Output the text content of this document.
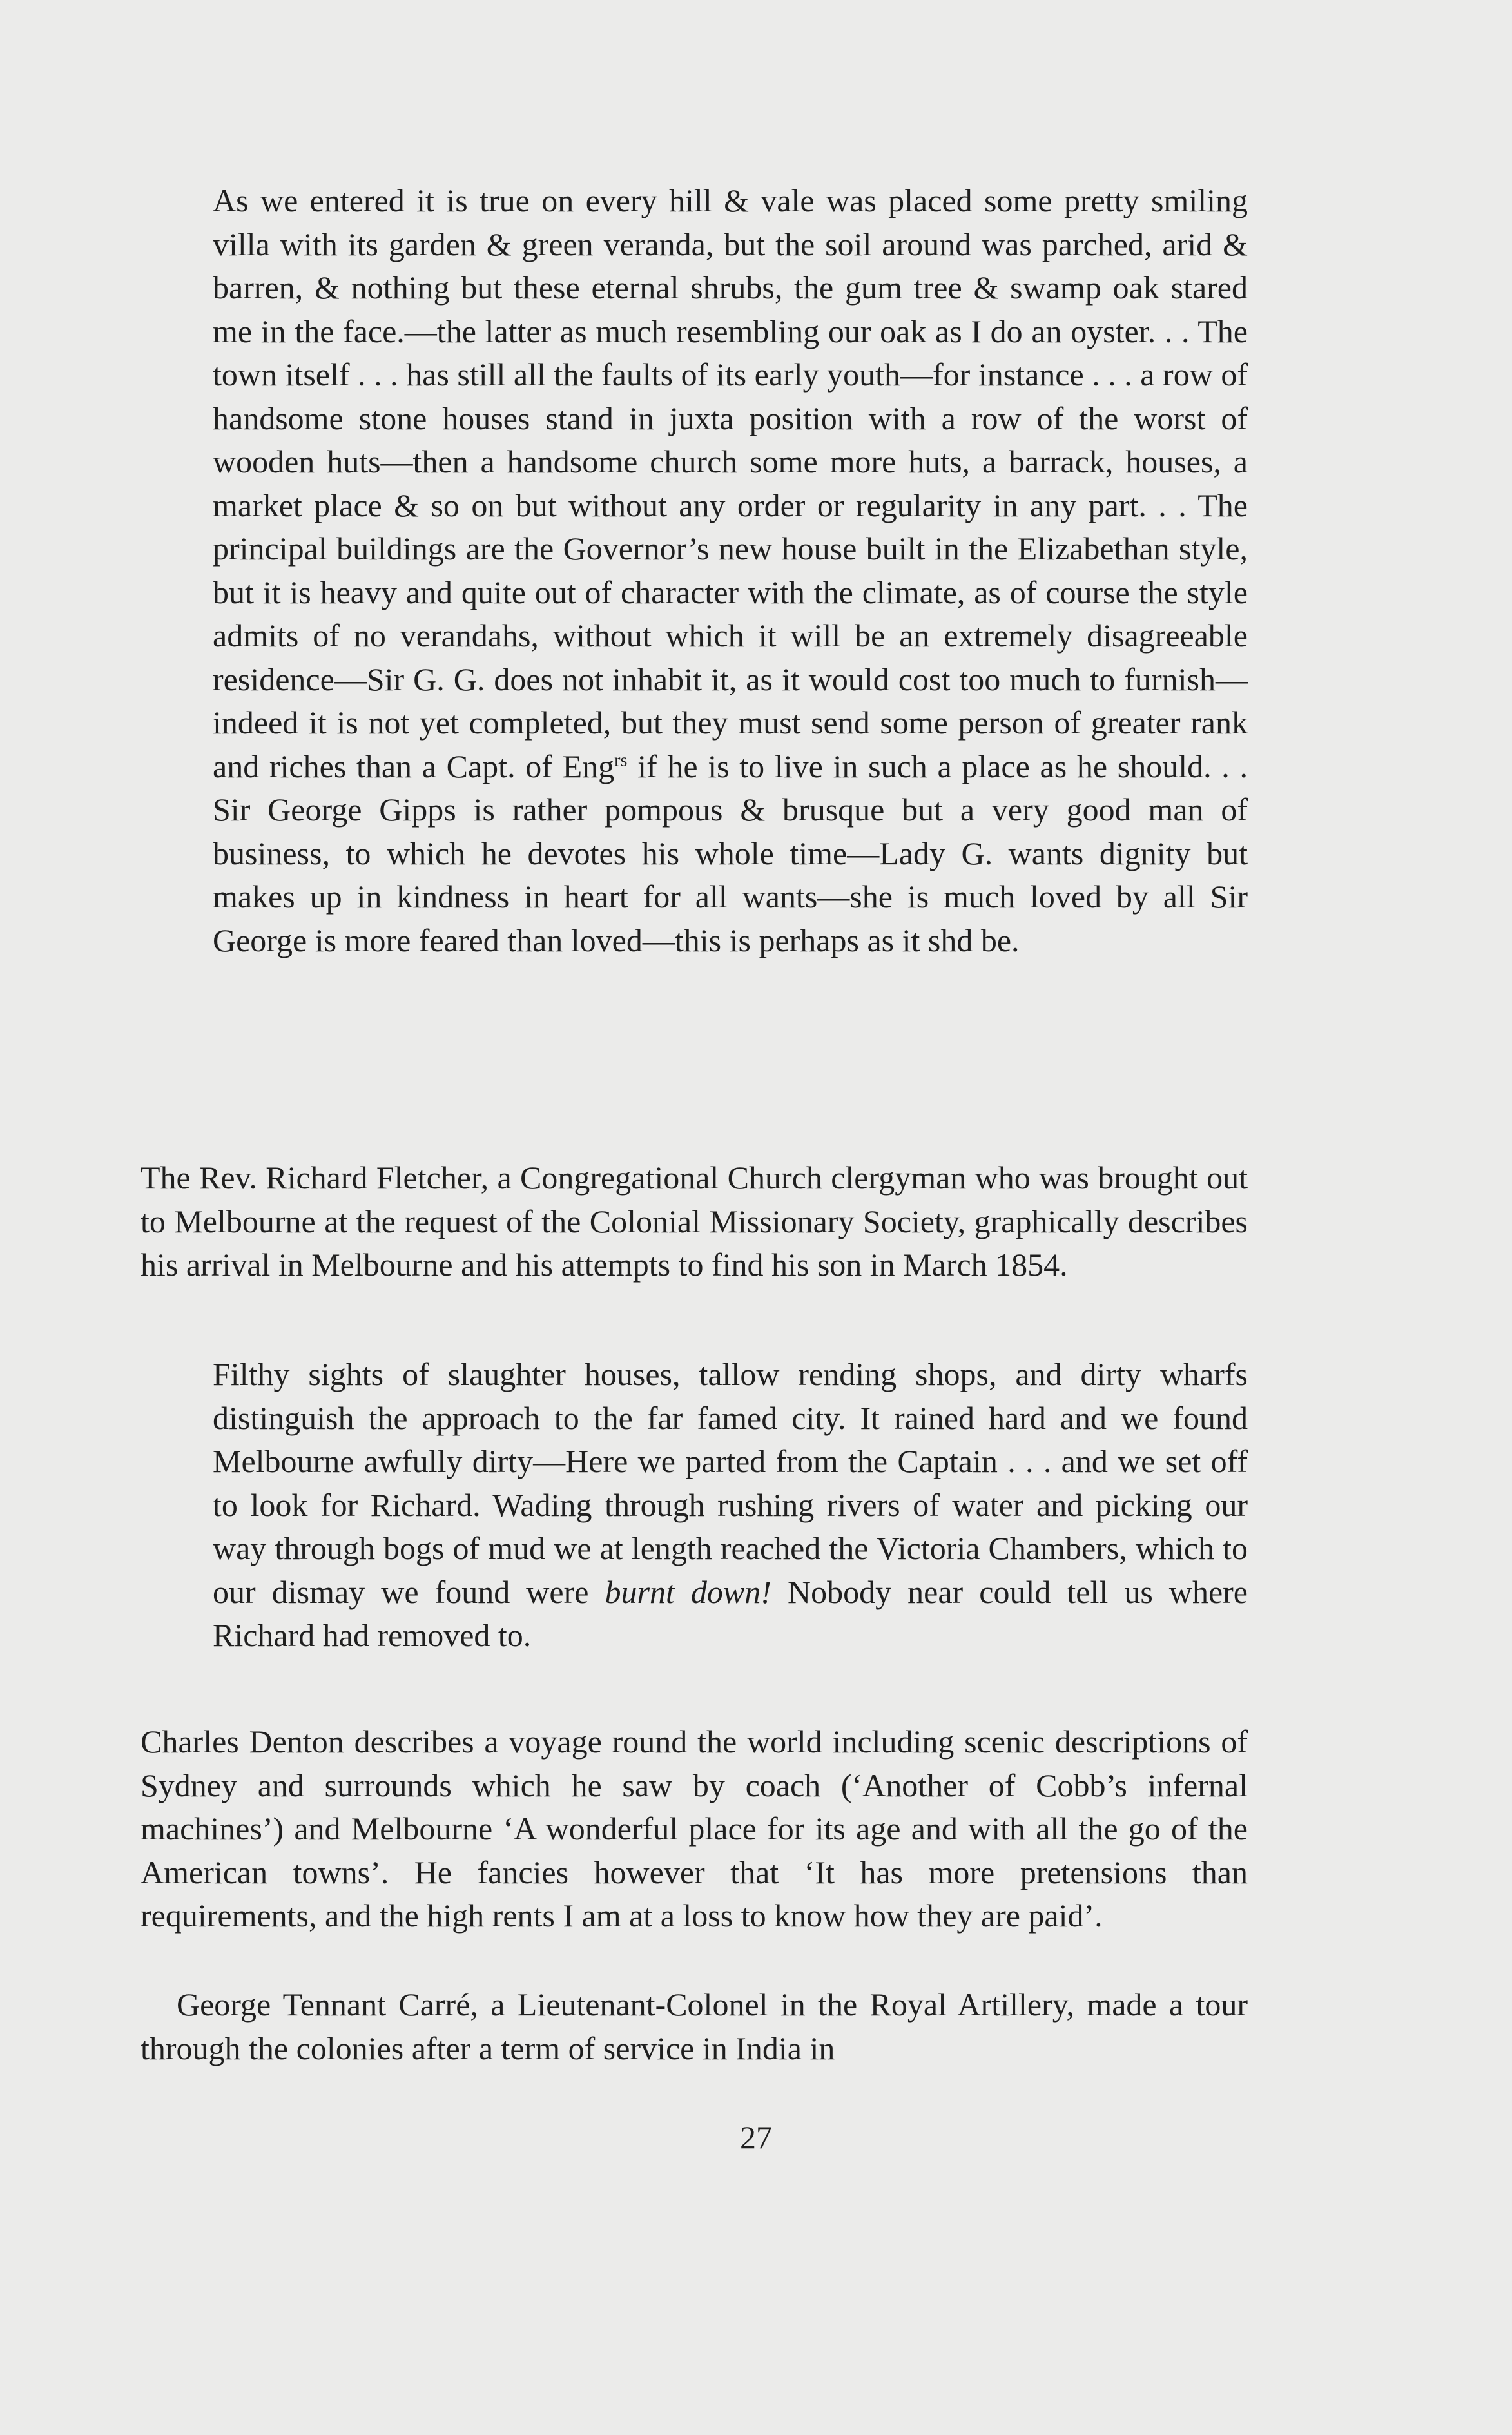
As we entered it is true on every hill & vale was placed some pretty smiling villa with its garden & green veranda, but the soil around was parched, arid & barren, & nothing but these eternal shrubs, the gum tree & swamp oak stared me in the face.—the latter as much resembling our oak as I do an oyster. . . The town itself . . . has still all the faults of its early youth—for instance . . . a row of handsome stone houses stand in juxta position with a row of the worst of wooden huts—then a handsome church some more huts, a barrack, houses, a market place & so on but without any order or regularity in any part. . . The principal buildings are the Governor’s new house built in the Elizabethan style, but it is heavy and quite out of character with the climate, as of course the style admits of no verandahs, without which it will be an extremely disagreeable residence—Sir G. G. does not inhabit it, as it would cost too much to furnish—indeed it is not yet completed, but they must send some person of greater rank and riches than a Capt. of Eng$^{rs}$ if he is to live in such a place as he should. . . Sir George Gipps is rather pompous & brusque but a very good man of business, to which he devotes his whole time—Lady G. wants dignity but makes up in kindness in heart for all wants—she is much loved by all Sir George is more feared than loved—this is perhaps as it shd be.

The Rev. Richard Fletcher, a Congregational Church clergyman who was brought out to Melbourne at the request of the Colonial Missionary Society, graphically describes his arrival in Melbourne and his attempts to find his son in March 1854.

Filthy sights of slaughter houses, tallow rending shops, and dirty wharfs distinguish the approach to the far famed city. It rained hard and we found Melbourne awfully dirty—Here we parted from the Captain . . . and we set off to look for Richard. Wading through rushing rivers of water and picking our way through bogs of mud we at length reached the Victoria Chambers, which to our dismay we found were burnt down! Nobody near could tell us where Richard had removed to.

Charles Denton describes a voyage round the world including scenic descriptions of Sydney and surrounds which he saw by coach (‘Another of Cobb’s infernal machines’) and Melbourne ‘A wonderful place for its age and with all the go of the American towns’. He fancies however that ‘It has more pretensions than requirements, and the high rents I am at a loss to know how they are paid’.

George Tennant Carré, a Lieutenant-Colonel in the Royal Artillery, made a tour through the colonies after a term of service in India in

27
